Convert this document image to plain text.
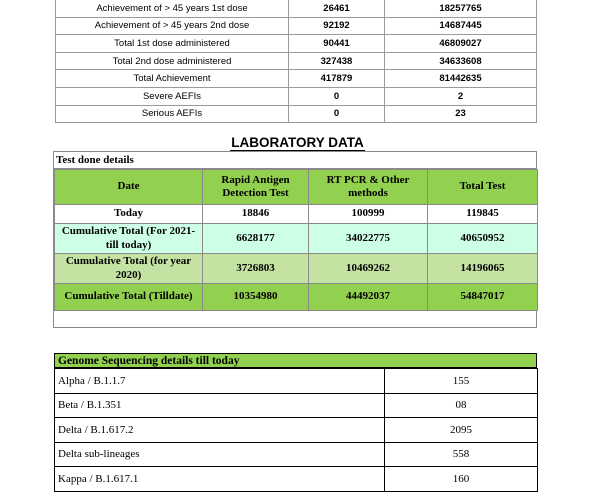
Achievement of > 45 years 1st dose	26461	18257765
Achievement of > 45 years 2nd dose	92192	14687445
Total 1st dose administered	90441	46809027
Total 2nd dose administered	327438	34633608
Total Achievement	417879	81442635
Severe AEFIs	0	2
Serious AEFIs	0	23
LABORATORY DATA
Test done details
Date	Rapid Antigen Detection Test	RT PCR & Other methods	Total Test
Today	18846	100999	119845
Cumulative Total (For 2021- till today)	6628177	34022775	40650952
Cumulative Total (for year 2020)	3726803	10469262	14196065
Cumulative Total (Tilldate)	10354980	44492037	54847017
Genome Sequencing details till today
Alpha / B.1.1.7	155
Beta / B.1.351	08
Delta / B.1.617.2	2095
Delta sub-lineages	558
Kappa / B.1.617.1	160
